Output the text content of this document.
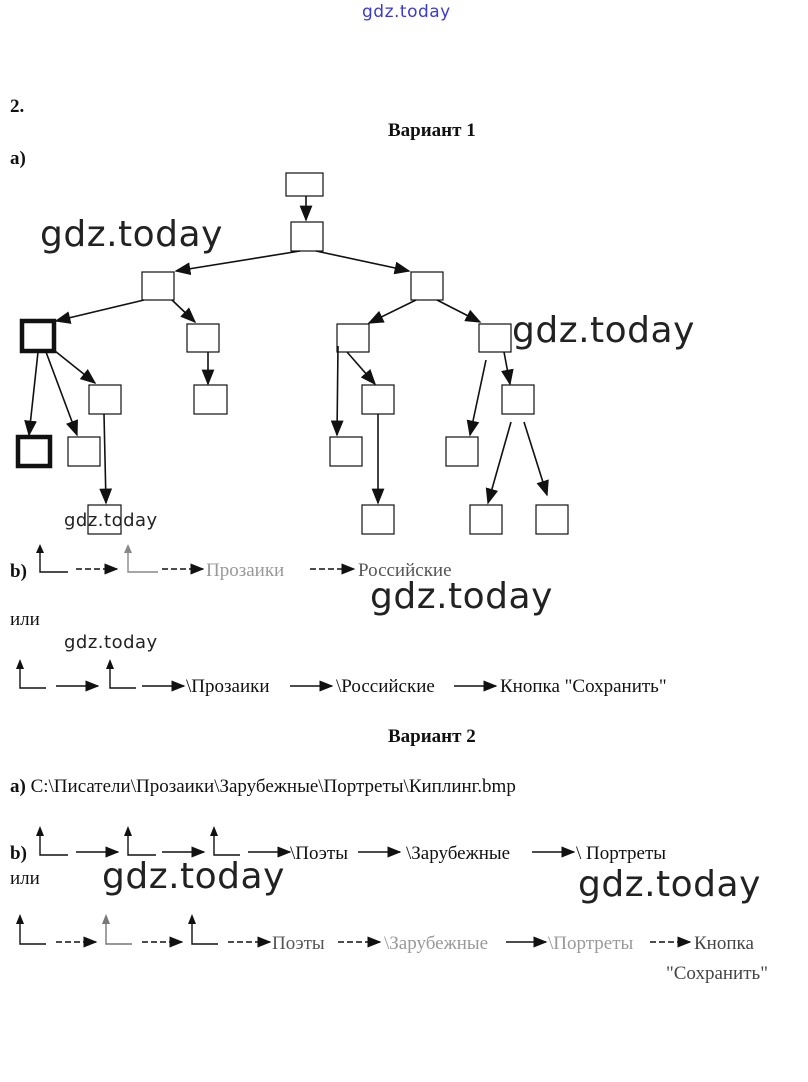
gdz.today
2.
Вариант 1
а)
gdz.today
gdz.today
gdz.today
b)	Прозаики	Российские
gdz.today
или
gdz.today
\Прозаики	\Российские	Кнопка "Сохранить"
Вариант 2
а) C:\Писатели\Прозаики\Зарубежные\Портреты\Киплинг.bmp
b)	\Поэты	\Зарубежные	\ Портреты
или gdz.today	gdz.today
Поэты	\Зарубежные	\Портреты	Кнопка
"Сохранить"
